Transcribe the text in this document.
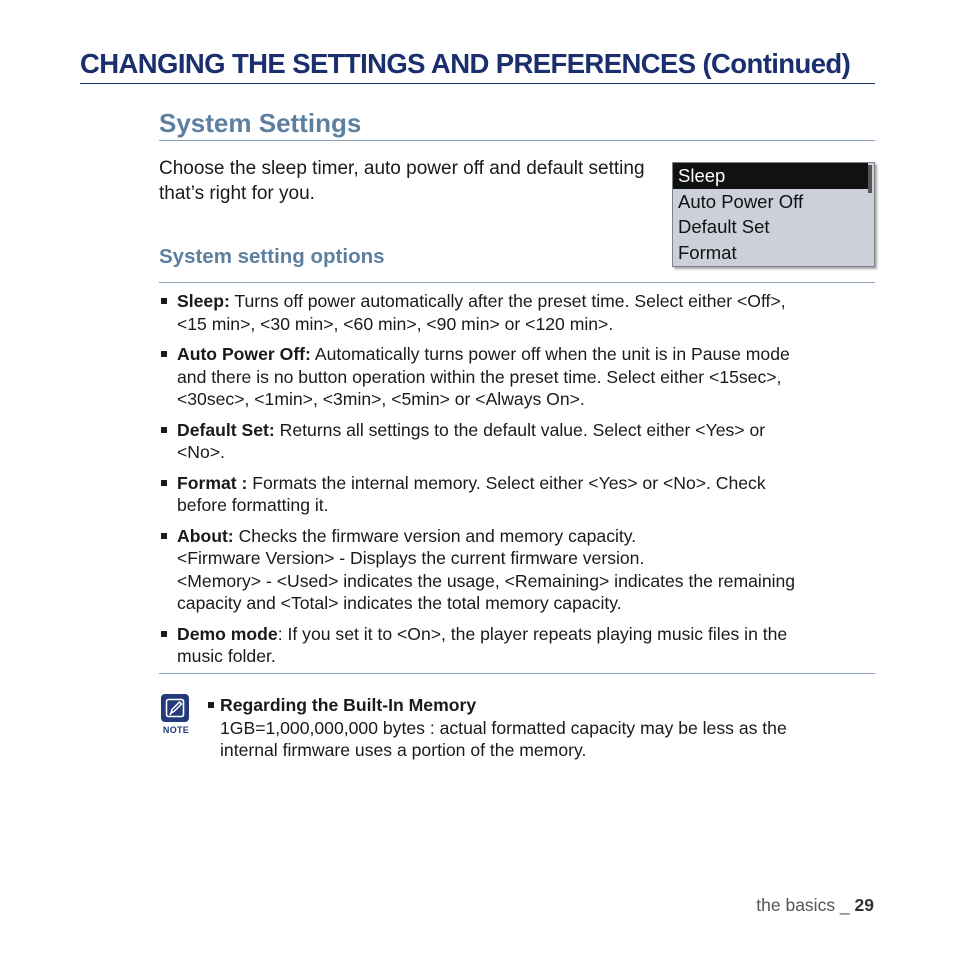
CHANGING THE SETTINGS AND PREFERENCES (Continued)
System Settings
Choose the sleep timer, auto power off and default setting that’s right for you.
Sleep
Auto Power Off
Default Set
Format
System setting options
Sleep: Turns off power automatically after the preset time. Select either <Off>,
<15 min>, <30 min>, <60 min>, <90 min> or <120 min>.
Auto Power Off: Automatically turns power off when the unit is in Pause mode
and there is no button operation within the preset time. Select either <15sec>,
<30sec>, <1min>, <3min>, <5min> or <Always On>.
Default Set: Returns all settings to the default value. Select either <Yes> or
<No>.
Format : Formats the internal memory. Select either <Yes> or <No>. Check
before formatting it.
About: Checks the firmware version and memory capacity.
<Firmware Version> - Displays the current firmware version.
<Memory> - <Used> indicates the usage, <Remaining> indicates the remaining
capacity and <Total> indicates the total memory capacity.
Demo mode: If you set it to <On>, the player repeats playing music files in the
music folder.
NOTE
Regarding the Built-In Memory
1GB=1,000,000,000 bytes : actual formatted capacity may be less as the
internal firmware uses a portion of the memory.
the basics _ 29
